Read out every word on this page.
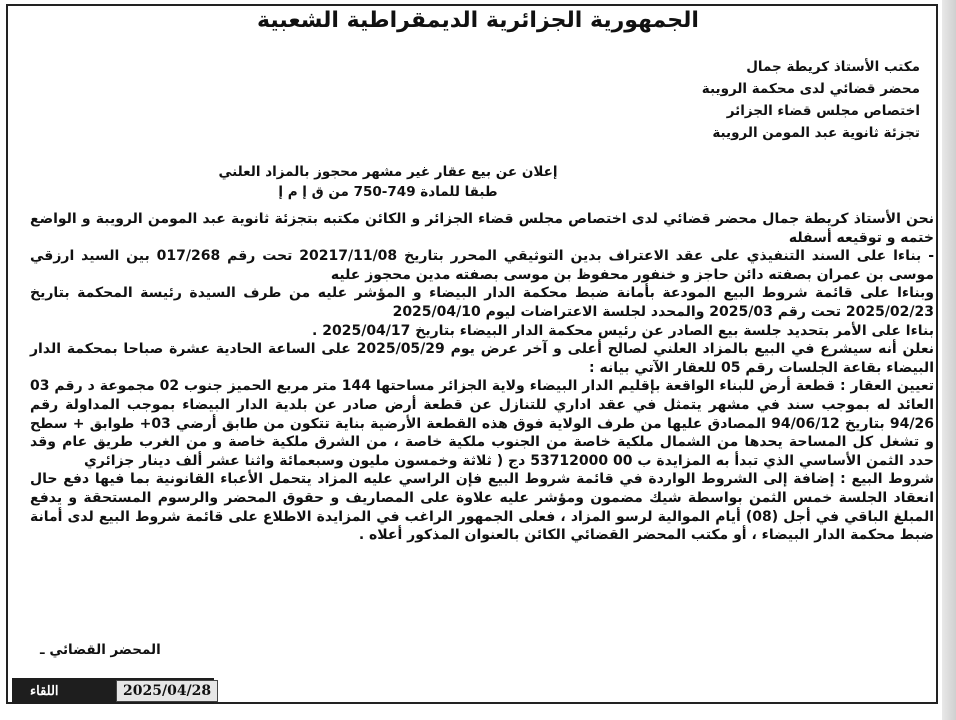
الجمهورية الجزائرية الديمقراطية الشعبية
مكتب الأستاذ كريطة جمال
محضر قضائي لدى محكمة الرويبة
اختصاص مجلس قضاء الجزائر
تجزئة ثانوية عبد المومن الرويبة
إعلان عن بيع عقار غير مشهر محجوز بالمزاد العلني
طبقا للمادة 749-750 من ق إ م إ

نحن الأستاذ كريطة جمال محضر قضائي لدى اختصاص مجلس قضاء الجزائر و الكائن مكتبه بتجزئة ثانوية عبد المومن الرويبة و الواضع ختمه و توقيعه أسفله

- بناءا على السند التنفيذي على عقد الاعتراف بدين التوثيقي المحرر بتاريخ 20217/11/08 تحت رقم 017/268 بين السيد ارزقي موسى بن عمران بصفته دائن حاجز و خنفور محفوظ بن موسى بصفته مدين محجوز عليه

وبناءا على قائمة شروط البيع المودعة بأمانة ضبط محكمة الدار البيضاء و المؤشر عليه من طرف السيدة رئيسة المحكمة بتاريخ 2025/02/23 تحت رقم 2025/03 والمحدد لجلسة الاعتراضات ليوم 2025/04/10

بناءا على الأمر بتحديد جلسة بيع الصادر عن رئيس محكمة الدار البيضاء بتاريخ 2025/04/17 .

نعلن أنه سيشرع في البيع بالمزاد العلني لصالح أعلى و آخر عرض يوم 2025/05/29 على الساعة الحادية عشرة صباحا بمحكمة الدار البيضاء بقاعة الجلسات رقم 05 للعقار الآتي بيانه :

تعيين العقار : قطعة أرض للبناء الواقعة بإقليم الدار البيضاء ولاية الجزائر مساحتها 144 متر مربع الحميز جنوب 02 مجموعة د رقم 03 العائد له بموجب سند في مشهر يتمثل في عقد اداري للتنازل عن قطعة أرض صادر عن بلدية الدار البيضاء بموجب المداولة رقم 94/26 بتاريخ 94/06/12 المصادق عليها من طرف الولاية فوق هذه القطعة الأرضية بناية تتكون من طابق أرضي 03+ طوابق + سطح و تشغل كل المساحة يحدها من الشمال ملكية خاصة من الجنوب ملكية خاصة ، من الشرق ملكية خاصة و من الغرب طريق عام وقد حدد الثمن الأساسي الذي تبدأ به المزايدة ب 00 53712000 دج ( ثلاثة وخمسون مليون وسبعمائة واثنا عشر ألف دينار جزائري

شروط البيع : إضافة إلى الشروط الواردة في قائمة شروط البيع فإن الراسي عليه المزاد يتحمل الأعباء القانونية بما فيها دفع حال انعقاد الجلسة خمس الثمن بواسطة شيك مضمون ومؤشر عليه علاوة على المصاريف و حقوق المحضر والرسوم المستحقة و يدفع المبلغ الباقي في أجل (08) أيام الموالية لرسو المزاد ، فعلى الجمهور الراغب في المزايدة الاطلاع على قائمة شروط البيع لدى أمانة ضبط محكمة الدار البيضاء ، أو مكتب المحضر القضائي الكائن بالعنوان المذكور أعلاه .

المحضر القضائي ـ
اللقاء	2025/04/28
